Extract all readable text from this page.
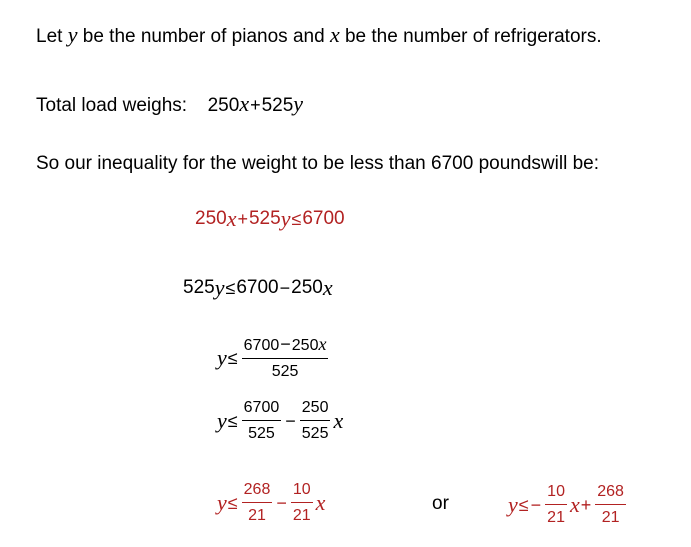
Let y be the number of pianos and x be the number of refrigerators.
Total load weighs: 250x+525y
So our inequality for the weight to be less than 6700 poundswill be:
250 x + 525 y ≤ 6700
525 y ≤ 6700 − 250 x
$y \le \frac{6700-250x}{525}$
$y \le \frac{6700}{525} - \frac{250}{525}$ x
$y \le \frac{268}{21} - \frac{10}{21}$ x	or	y ≤ − $\frac{10}{21}$ $x + \frac{268}{21}$
